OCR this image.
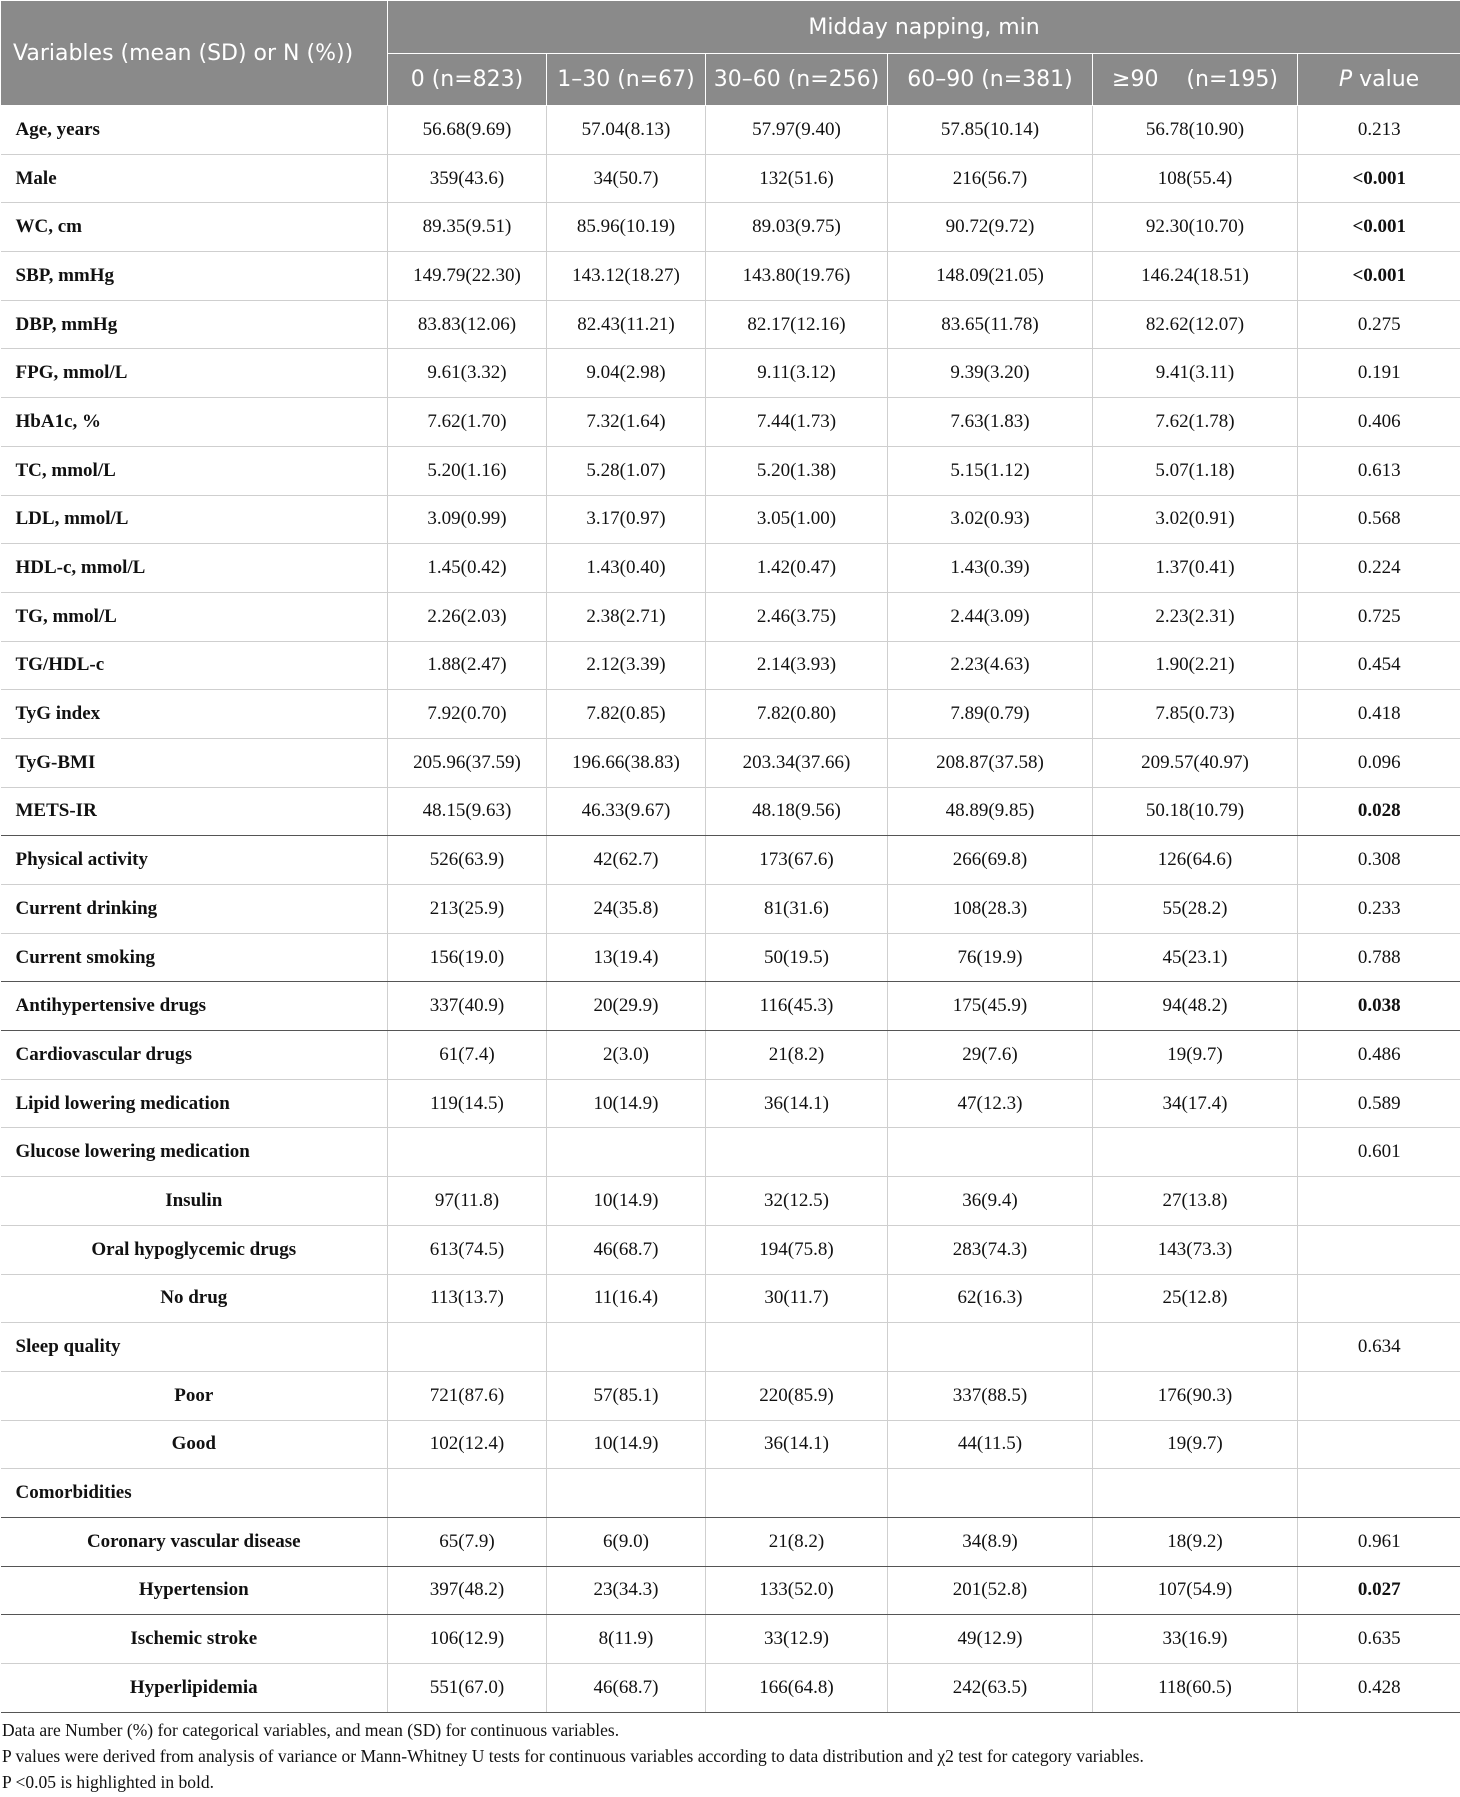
Variables (mean (SD) or N (%))	Midday napping, min					
	0 (n=823)	1–30 (n=67)	30–60 (n=256)	60–90 (n=381)	≥90    (n=195)	P value
Age, years	56.68(9.69)	57.04(8.13)	57.97(9.40)	57.85(10.14)	56.78(10.90)	0.213
Male	359(43.6)	34(50.7)	132(51.6)	216(56.7)	108(55.4)	<0.001
WC, cm	89.35(9.51)	85.96(10.19)	89.03(9.75)	90.72(9.72)	92.30(10.70)	<0.001
SBP, mmHg	149.79(22.30)	143.12(18.27)	143.80(19.76)	148.09(21.05)	146.24(18.51)	<0.001
DBP, mmHg	83.83(12.06)	82.43(11.21)	82.17(12.16)	83.65(11.78)	82.62(12.07)	0.275
FPG, mmol/L	9.61(3.32)	9.04(2.98)	9.11(3.12)	9.39(3.20)	9.41(3.11)	0.191
HbA1c, %	7.62(1.70)	7.32(1.64)	7.44(1.73)	7.63(1.83)	7.62(1.78)	0.406
TC, mmol/L	5.20(1.16)	5.28(1.07)	5.20(1.38)	5.15(1.12)	5.07(1.18)	0.613
LDL, mmol/L	3.09(0.99)	3.17(0.97)	3.05(1.00)	3.02(0.93)	3.02(0.91)	0.568
HDL-c, mmol/L	1.45(0.42)	1.43(0.40)	1.42(0.47)	1.43(0.39)	1.37(0.41)	0.224
TG, mmol/L	2.26(2.03)	2.38(2.71)	2.46(3.75)	2.44(3.09)	2.23(2.31)	0.725
TG/HDL-c	1.88(2.47)	2.12(3.39)	2.14(3.93)	2.23(4.63)	1.90(2.21)	0.454
TyG index	7.92(0.70)	7.82(0.85)	7.82(0.80)	7.89(0.79)	7.85(0.73)	0.418
TyG-BMI	205.96(37.59)	196.66(38.83)	203.34(37.66)	208.87(37.58)	209.57(40.97)	0.096
METS-IR	48.15(9.63)	46.33(9.67)	48.18(9.56)	48.89(9.85)	50.18(10.79)	0.028
Physical activity	526(63.9)	42(62.7)	173(67.6)	266(69.8)	126(64.6)	0.308
Current drinking	213(25.9)	24(35.8)	81(31.6)	108(28.3)	55(28.2)	0.233
Current smoking	156(19.0)	13(19.4)	50(19.5)	76(19.9)	45(23.1)	0.788
Antihypertensive drugs	337(40.9)	20(29.9)	116(45.3)	175(45.9)	94(48.2)	0.038
Cardiovascular drugs	61(7.4)	2(3.0)	21(8.2)	29(7.6)	19(9.7)	0.486
Lipid lowering medication	119(14.5)	10(14.9)	36(14.1)	47(12.3)	34(17.4)	0.589
Glucose lowering medication						0.601
Insulin	97(11.8)	10(14.9)	32(12.5)	36(9.4)	27(13.8)	
Oral hypoglycemic drugs	613(74.5)	46(68.7)	194(75.8)	283(74.3)	143(73.3)	
No drug	113(13.7)	11(16.4)	30(11.7)	62(16.3)	25(12.8)	
Sleep quality						0.634
Poor	721(87.6)	57(85.1)	220(85.9)	337(88.5)	176(90.3)	
Good	102(12.4)	10(14.9)	36(14.1)	44(11.5)	19(9.7)	
Comorbidities						
Coronary vascular disease	65(7.9)	6(9.0)	21(8.2)	34(8.9)	18(9.2)	0.961
Hypertension	397(48.2)	23(34.3)	133(52.0)	201(52.8)	107(54.9)	0.027
Ischemic stroke	106(12.9)	8(11.9)	33(12.9)	49(12.9)	33(16.9)	0.635
Hyperlipidemia	551(67.0)	46(68.7)	166(64.8)	242(63.5)	118(60.5)	0.428
Data are Number (%) for categorical variables, and mean (SD) for continuous variables.
P values were derived from analysis of variance or Mann-Whitney U tests for continuous variables according to data distribution and χ2 test for category variables.
P <0.05 is highlighted in bold.
